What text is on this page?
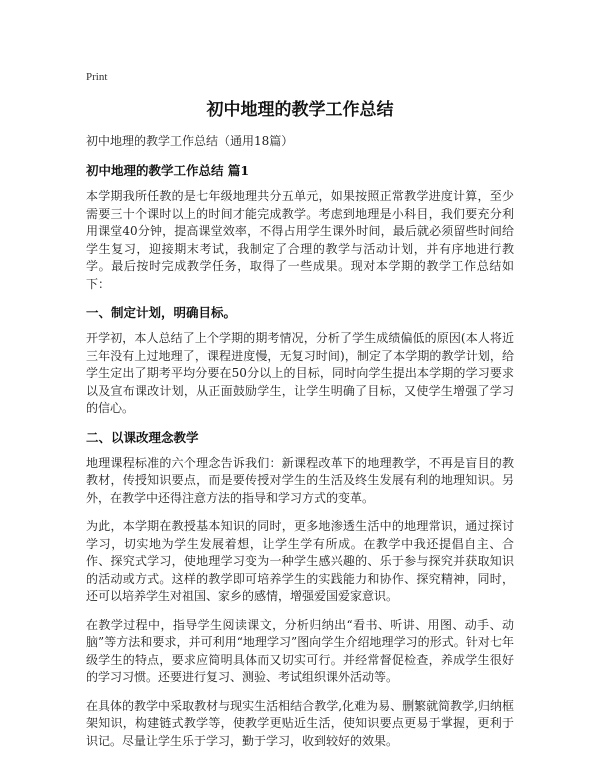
Print
初中地理的教学工作总结
初中地理的教学工作总结（通用18篇）
初中地理的教学工作总结 篇1

本学期我所任教的是七年级地理共分五单元，如果按照正常教学进度计算，至少需要三十个课时以上的时间才能完成教学。考虑到地理是小科目，我们要充分利用课堂40分钟，提高课堂效率，不得占用学生课外时间，最后就必须留些时间给学生复习，迎接期末考试，我制定了合理的教学与活动计划，并有序地进行教学。最后按时完成教学任务，取得了一些成果。现对本学期的教学工作总结如下：

一、制定计划，明确目标。

开学初，本人总结了上个学期的期考情况，分析了学生成绩偏低的原因(本人将近三年没有上过地理了，课程进度慢，无复习时间)，制定了本学期的教学计划，给学生定出了期考平均分要在50分以上的目标，同时向学生提出本学期的学习要求以及宣布课改计划，从正面鼓励学生，让学生明确了目标，又使学生增强了学习的信心。

二、以课改理念教学

地理课程标准的六个理念告诉我们：新课程改革下的地理教学，不再是盲目的教教材，传授知识要点，而是要传授对学生的生活及终生发展有利的地理知识。另外，在教学中还得注意方法的指导和学习方式的变革。

为此，本学期在教授基本知识的同时，更多地渗透生活中的地理常识，通过探讨学习，切实地为学生发展着想，让学生学有所成。在教学中我还提倡自主、合作、探究式学习，使地理学习变为一种学生感兴趣的、乐于参与探究并获取知识的活动或方式。这样的教学即可培养学生的实践能力和协作、探究精神，同时，还可以培养学生对祖国、家乡的感情，增强爱国爱家意识。

在教学过程中，指导学生阅读课文，分析归纳出“看书、听讲、用图、动手、动脑”等方法和要求，并可利用“地理学习”图向学生介绍地理学习的形式。针对七年级学生的特点，要求应简明具体而又切实可行。并经常督促检查，养成学生很好的学习习惯。还要进行复习、测验、考试组织课外活动等。

在具体的教学中采取教材与现实生活相结合教学,化难为易、删繁就简教学,归纳框架知识，构建链式教学等，使教学更贴近生活，使知识要点更易于掌握，更利于识记。尽量让学生乐于学习，勤于学习，收到较好的效果。
